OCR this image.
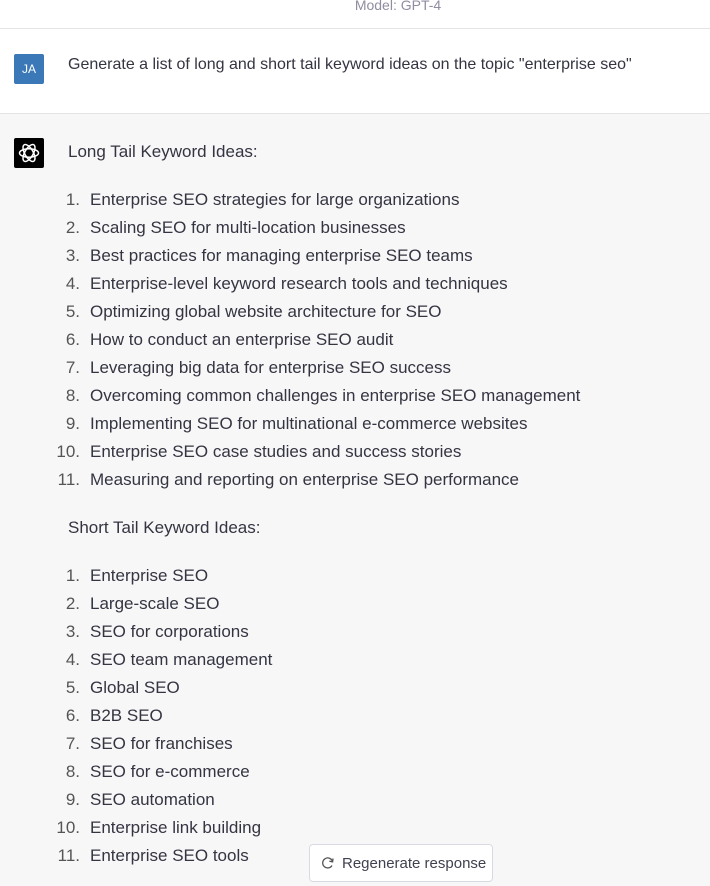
Model: GPT-4
JA	Generate a list of long and short tail keyword ideas on the topic "enterprise seo"
Long Tail Keyword Ideas:
1. Enterprise SEO strategies for large organizations
2. Scaling SEO for multi-location businesses
3. Best practices for managing enterprise SEO teams
4. Enterprise-level keyword research tools and techniques
5. Optimizing global website architecture for SEO
6. How to conduct an enterprise SEO audit
7. Leveraging big data for enterprise SEO success
8. Overcoming common challenges in enterprise SEO management
9. Implementing SEO for multinational e-commerce websites
10. Enterprise SEO case studies and success stories
11. Measuring and reporting on enterprise SEO performance
Short Tail Keyword Ideas:
1. Enterprise SEO
2. Large-scale SEO
3. SEO for corporations
4. SEO team management
5. Global SEO
6. B2B SEO
7. SEO for franchises
8. SEO for e-commerce
9. SEO automation
10. Enterprise link building
11. Enterprise SEO tools	Regenerate response
